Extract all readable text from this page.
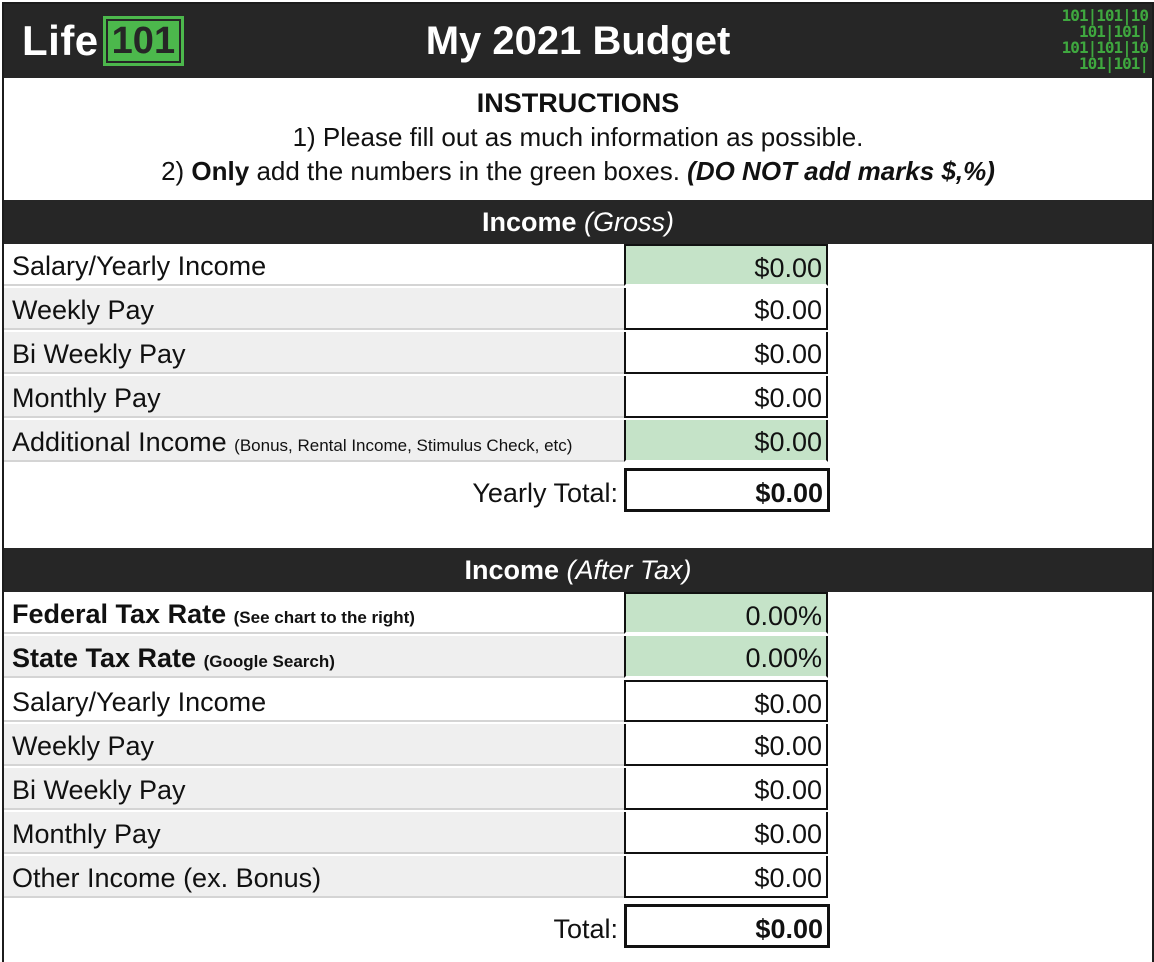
Life 101	My 2021 Budget
101|101|10
101|101|
101|101|10
101|101|
INSTRUCTIONS
1) Please fill out as much information as possible.
2) Only add the numbers in the green boxes. (DO NOT add marks $,%)
Income (Gross)
Salary/Yearly Income	$0.00
Weekly Pay	$0.00
Bi Weekly Pay	$0.00
Monthly Pay	$0.00
Additional Income (Bonus, Rental Income, Stimulus Check, etc)	$0.00
Yearly Total:	$0.00
Income (After Tax)
Federal Tax Rate (See chart to the right)	0.00%
State Tax Rate (Google Search)	0.00%
Salary/Yearly Income	$0.00
Weekly Pay	$0.00
Bi Weekly Pay	$0.00
Monthly Pay	$0.00
Other Income (ex. Bonus)	$0.00
Total:	$0.00
